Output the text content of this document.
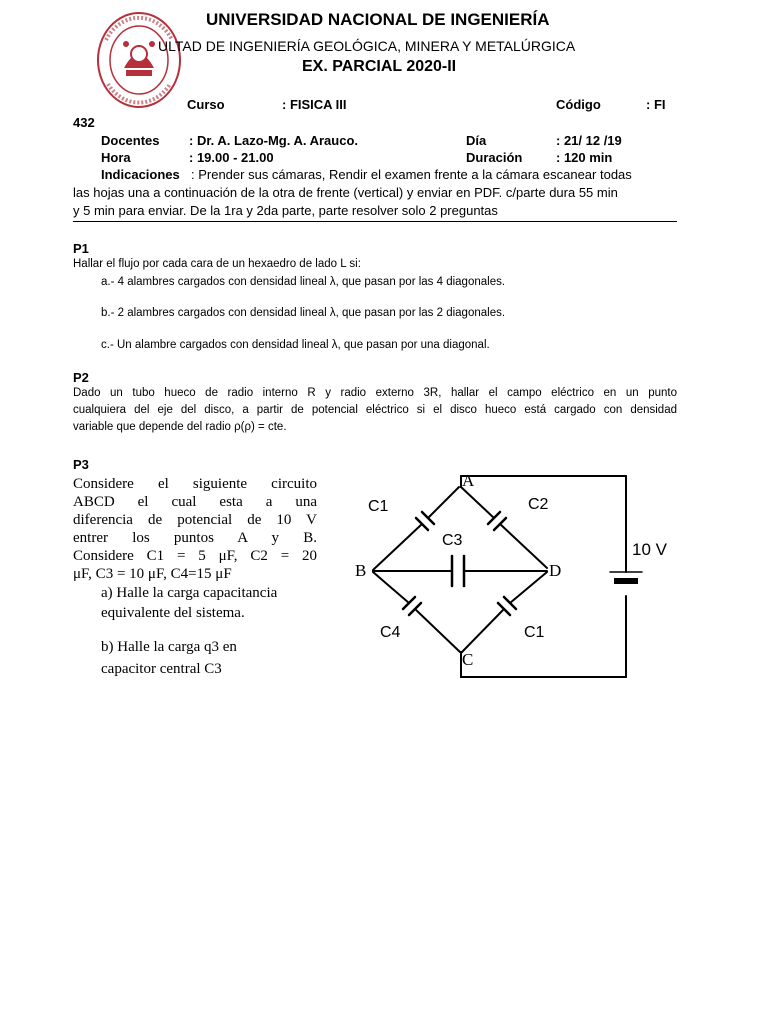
UNIVERSIDAD NACIONAL DE INGENIERÍA
ULTAD DE INGENIERÍA GEOLÓGICA, MINERA Y METALÚRGICA
EX. PARCIAL 2020-II
Curso	: FISICA III	Código	: FI
432
Docentes : Dr. A. Lazo-Mg. A. Arauco.	Día	: 21/ 12 /19
Hora	: 19.00 - 21.00	Duración	: 120 min
Indicaciones : Prender sus cámaras, Rendir el examen frente a la cámara escanear todas
las hojas una a continuación de la otra de frente (vertical) y enviar en PDF. c/parte dura 55 min
y 5 min para enviar. De la 1ra y 2da parte, parte resolver solo 2 preguntas
P1
Hallar el flujo por cada cara de un hexaedro de lado L si:
a.- 4 alambres cargados con densidad lineal λ, que pasan por las 4 diagonales.
b.- 2 alambres cargados con densidad lineal λ, que pasan por las 2 diagonales.
c.- Un alambre cargados con densidad lineal λ, que pasan por una diagonal.
P2
Dado un tubo hueco de radio interno R y radio externo 3R, hallar el campo eléctrico en un punto
cualquiera del eje del disco, a partir de potencial eléctrico si el disco hueco está cargado con densidad
variable que depende del radio ρ(ρ) = cte.
P3
Considere el siguiente circuito
ABCD el cual esta a una
diferencia de potencial de 10 V
entrer los puntos A y B.
Considere C1 = 5 μF, C2 = 20
μF, C3 = 10 μF, C4=15 μF
a) Halle la carga capacitancia
equivalente del sistema.
b) Halle la carga q3 en
capacitor central C3
A
B	D
C
C1	C2
C3
C4	C1
10 V
